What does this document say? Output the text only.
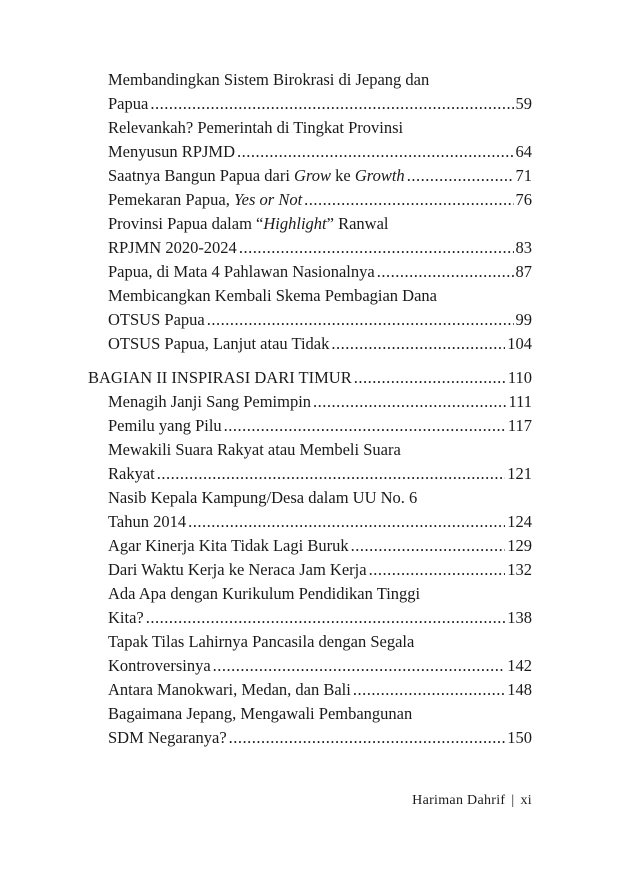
Membandingkan Sistem Birokrasi di Jepang dan
Papua .....	59
Relevankah? Pemerintah di Tingkat Provinsi
Menyusun RPJMD .....	64
Saatnya Bangun Papua dari Grow ke Growth .....	71
Pemekaran Papua, Yes or Not .....	76
Provinsi Papua dalam “Highlight” Ranwal
RPJMN 2020-2024 .....	83
Papua, di Mata 4 Pahlawan Nasionalnya .....	87
Membicangkan Kembali Skema Pembagian Dana
OTSUS Papua .....	99
OTSUS Papua, Lanjut atau Tidak .....	104
BAGIAN II INSPIRASI DARI TIMUR .....	110
Menagih Janji Sang Pemimpin .....	111
Pemilu yang Pilu .....	117
Mewakili Suara Rakyat atau Membeli Suara
Rakyat .....	121
Nasib Kepala Kampung/Desa dalam UU No. 6
Tahun 2014 .....	124
Agar Kinerja Kita Tidak Lagi Buruk .....	129
Dari Waktu Kerja ke Neraca Jam Kerja .....	132
Ada Apa dengan Kurikulum Pendidikan Tinggi
Kita? .....	138
Tapak Tilas Lahirnya Pancasila dengan Segala
Kontroversinya .....	142
Antara Manokwari, Medan, dan Bali .....	148
Bagaimana Jepang, Mengawali Pembangunan
SDM Negaranya? .....	150
Hariman Dahrif | xi
